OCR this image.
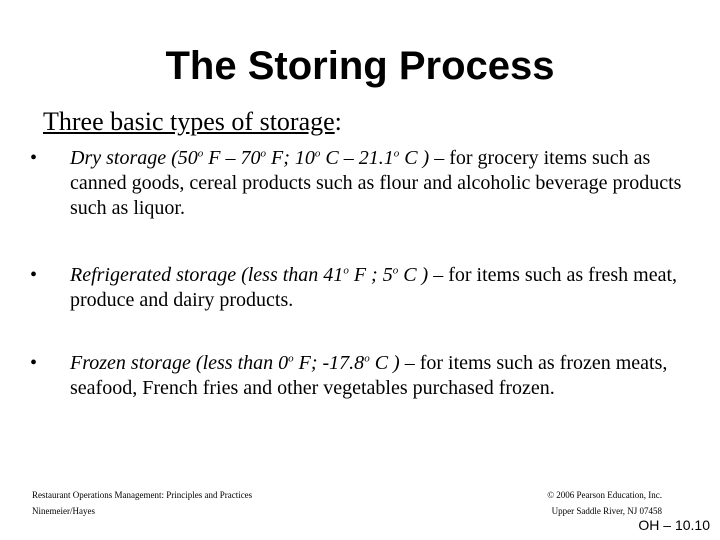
The Storing Process
Three basic types of storage:
• Dry storage (50$^o$ F – 70$^o$ F; 10$^o$ C – 21.1$^o$ C ) – for grocery items such as canned goods, cereal products such as flour and alcoholic beverage products such as liquor.
• Refrigerated storage (less than 41$^o$ F ; 5$^o$ C ) – for items such as fresh meat, produce and dairy products.
• Frozen storage (less than 0$^o$ F; -17.8$^o$ C ) – for items such as frozen meats, seafood, French fries and other vegetables purchased frozen.
Restaurant Operations Management: Principles and Practices
Ninemeier/Hayes
© 2006 Pearson Education, Inc.
Upper Saddle River, NJ 07458
OH – 10.10
